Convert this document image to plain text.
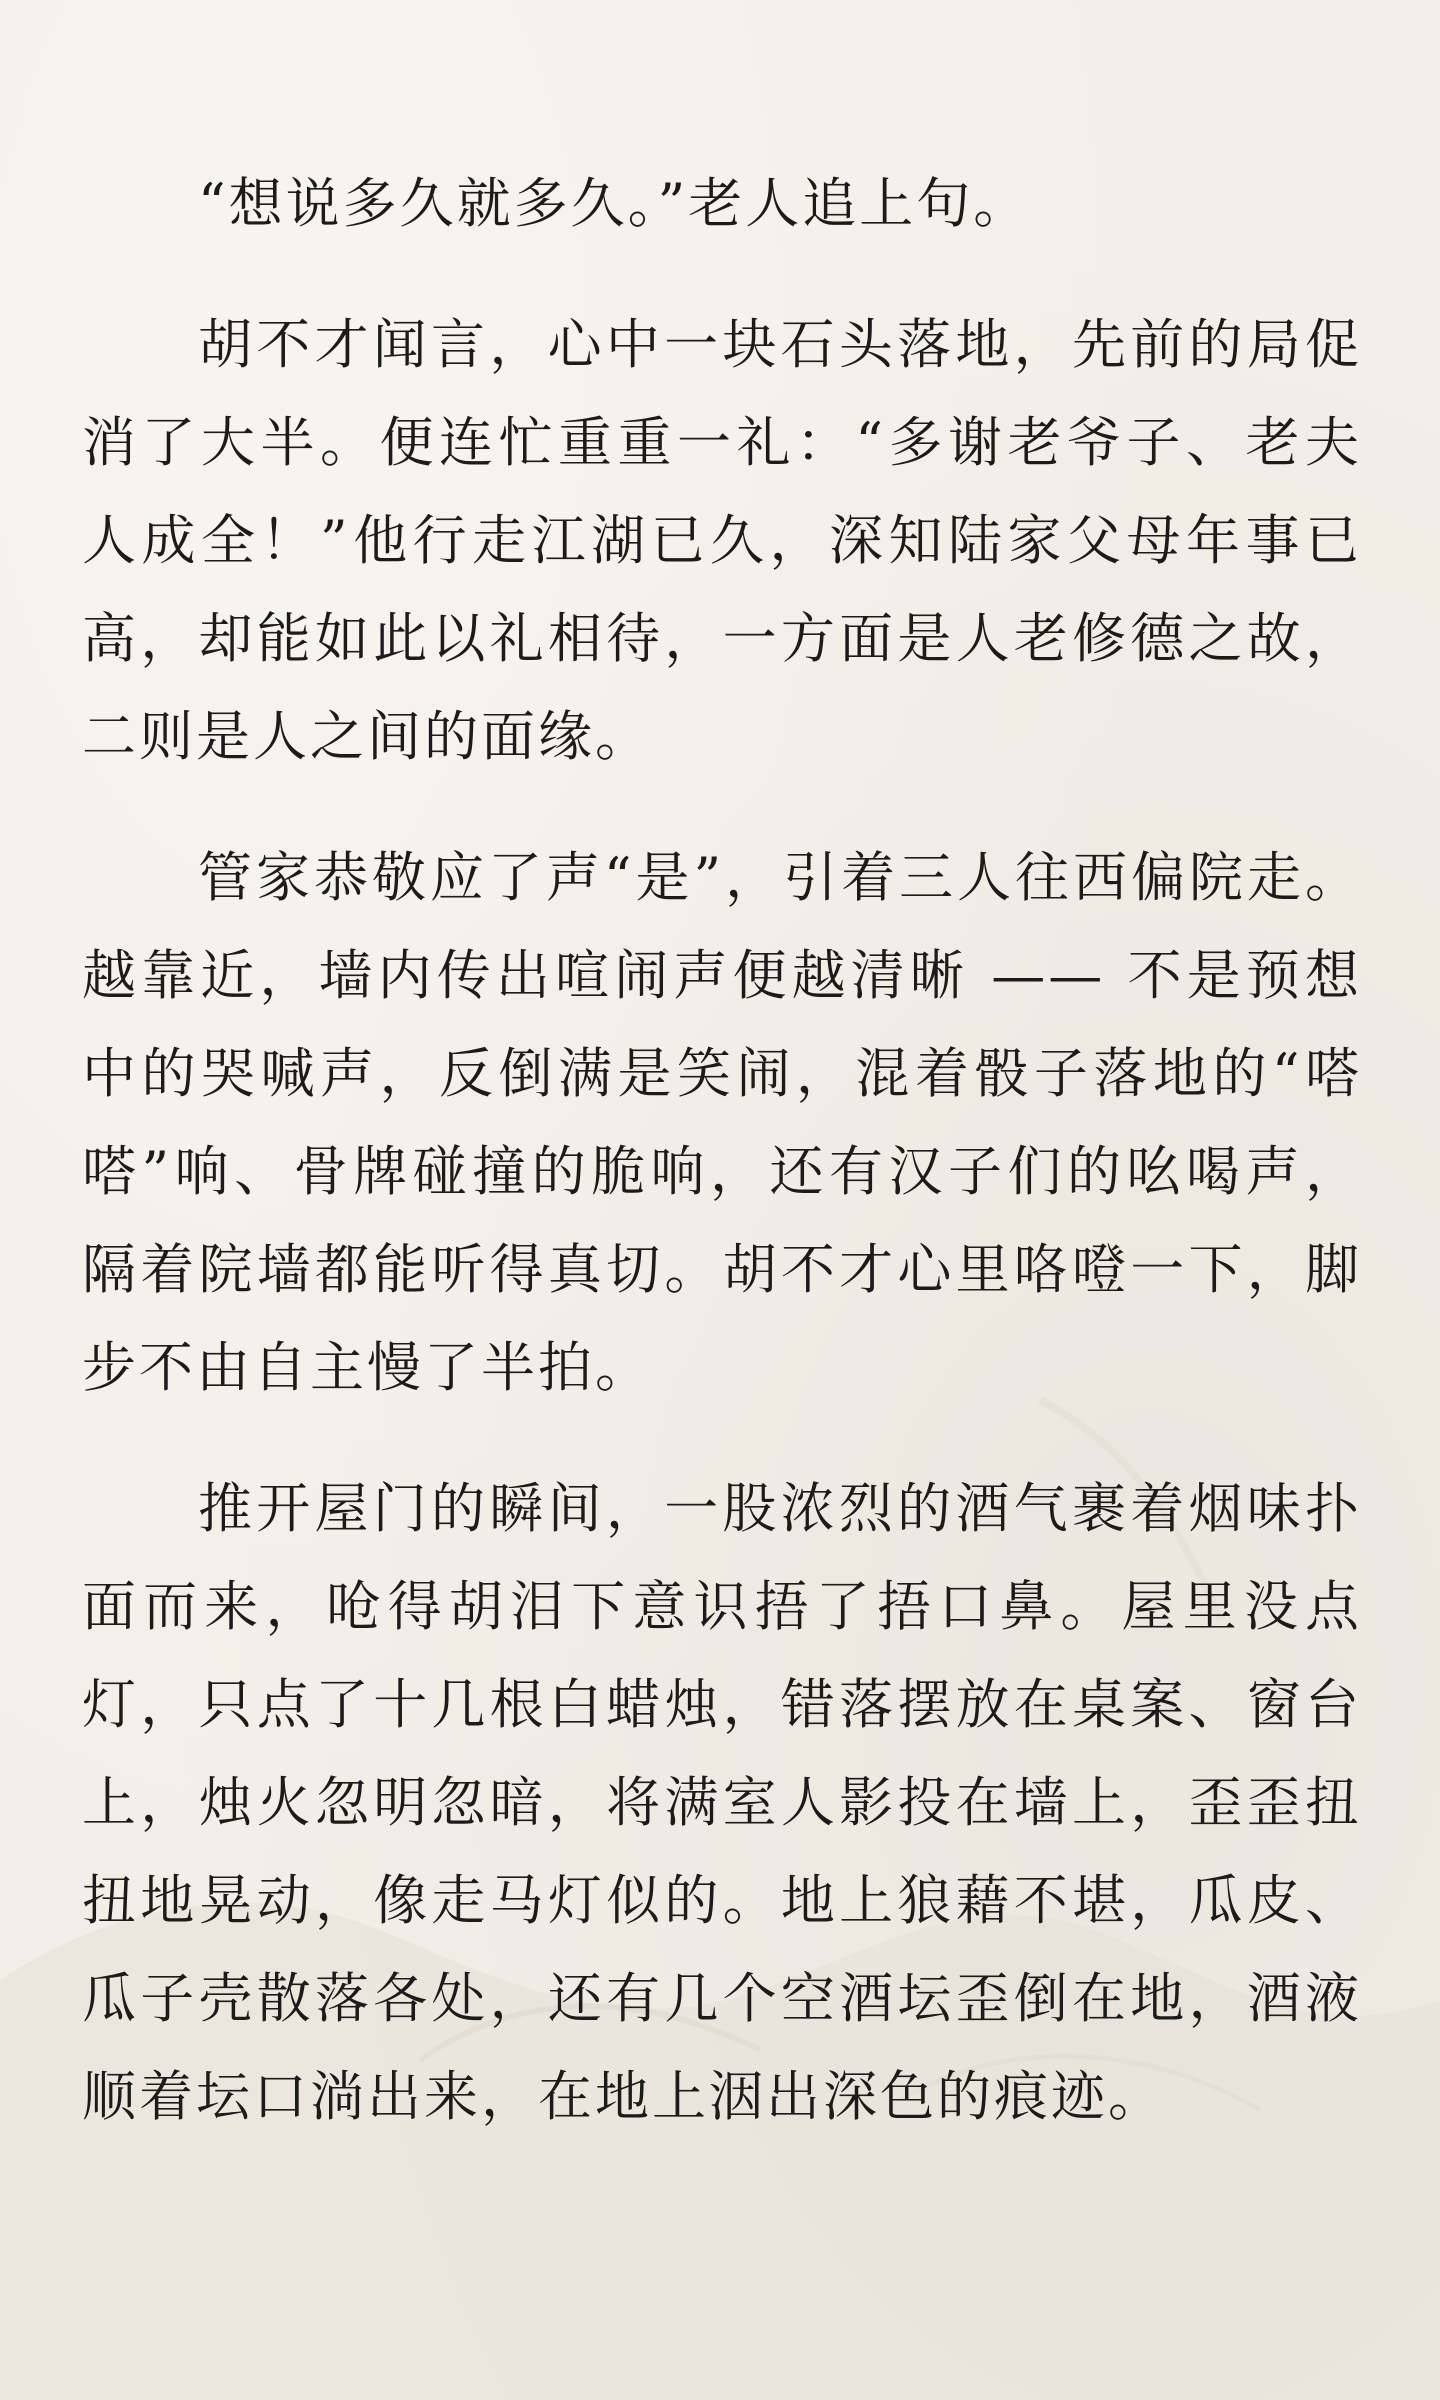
“想说多久就多久。”老人追上句。

胡不才闻言，心中一块石头落地，先前的局促消了大半。便连忙重重一礼：“多谢老爷子、老夫人成全！”他行走江湖已久，深知陆家父母年事已高，却能如此以礼相待，一方面是人老修德之故，二则是人之间的面缘。

管家恭敬应了声“是”，引着三人往西偏院走。越靠近，墙内传出喧闹声便越清晰 —— 不是预想中的哭喊声，反倒满是笑闹，混着骰子落地的“嗒嗒”响、骨牌碰撞的脆响，还有汉子们的吆喝声，隔着院墙都能听得真切。胡不才心里咯噔一下，脚步不由自主慢了半拍。

推开屋门的瞬间，一股浓烈的酒气裹着烟味扑面而来，呛得胡泪下意识捂了捂口鼻。屋里没点灯，只点了十几根白蜡烛，错落摆放在桌案、窗台上，烛火忽明忽暗，将满室人影投在墙上，歪歪扭扭地晃动，像走马灯似的。地上狼藉不堪，瓜皮、瓜子壳散落各处，还有几个空酒坛歪倒在地，酒液顺着坛口淌出来，在地上洇出深色的痕迹。
